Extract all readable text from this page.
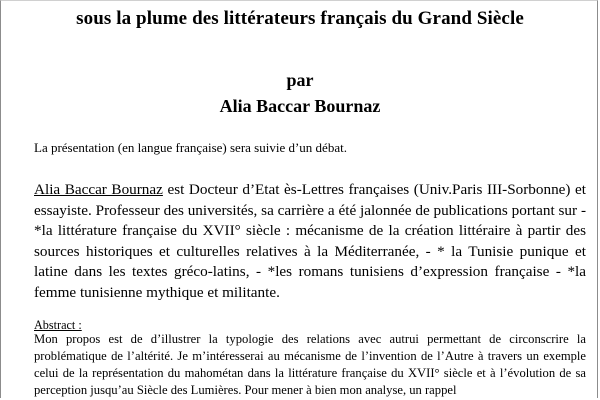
sous la plume des littérateurs français du Grand Siècle
par
Alia Baccar Bournaz
La présentation (en langue française) sera suivie d’un débat.
Alia Baccar Bournaz est Docteur d’Etat ès-Lettres françaises (Univ.Paris III-Sorbonne) et essayiste. Professeur des universités, sa carrière a été jalonnée de publications portant sur - *la littérature française du XVII° siècle : mécanisme de la création littéraire à partir des sources historiques et culturelles relatives à la Méditerranée, - * la Tunisie punique et latine dans les textes gréco-latins, - *les romans tunisiens d’expression française - *la femme tunisienne mythique et militante.
Abstract :
Mon propos est de d’illustrer la typologie des relations avec autrui permettant de circonscrire la problématique de l’altérité. Je m’intéresserai au mécanisme de l’invention de l’Autre à travers un exemple celui de la représentation du mahométan dans la littérature française du XVII° siècle et à l’évolution de sa perception jusqu’au Siècle des Lumières. Pour mener à bien mon analyse, un rappel
